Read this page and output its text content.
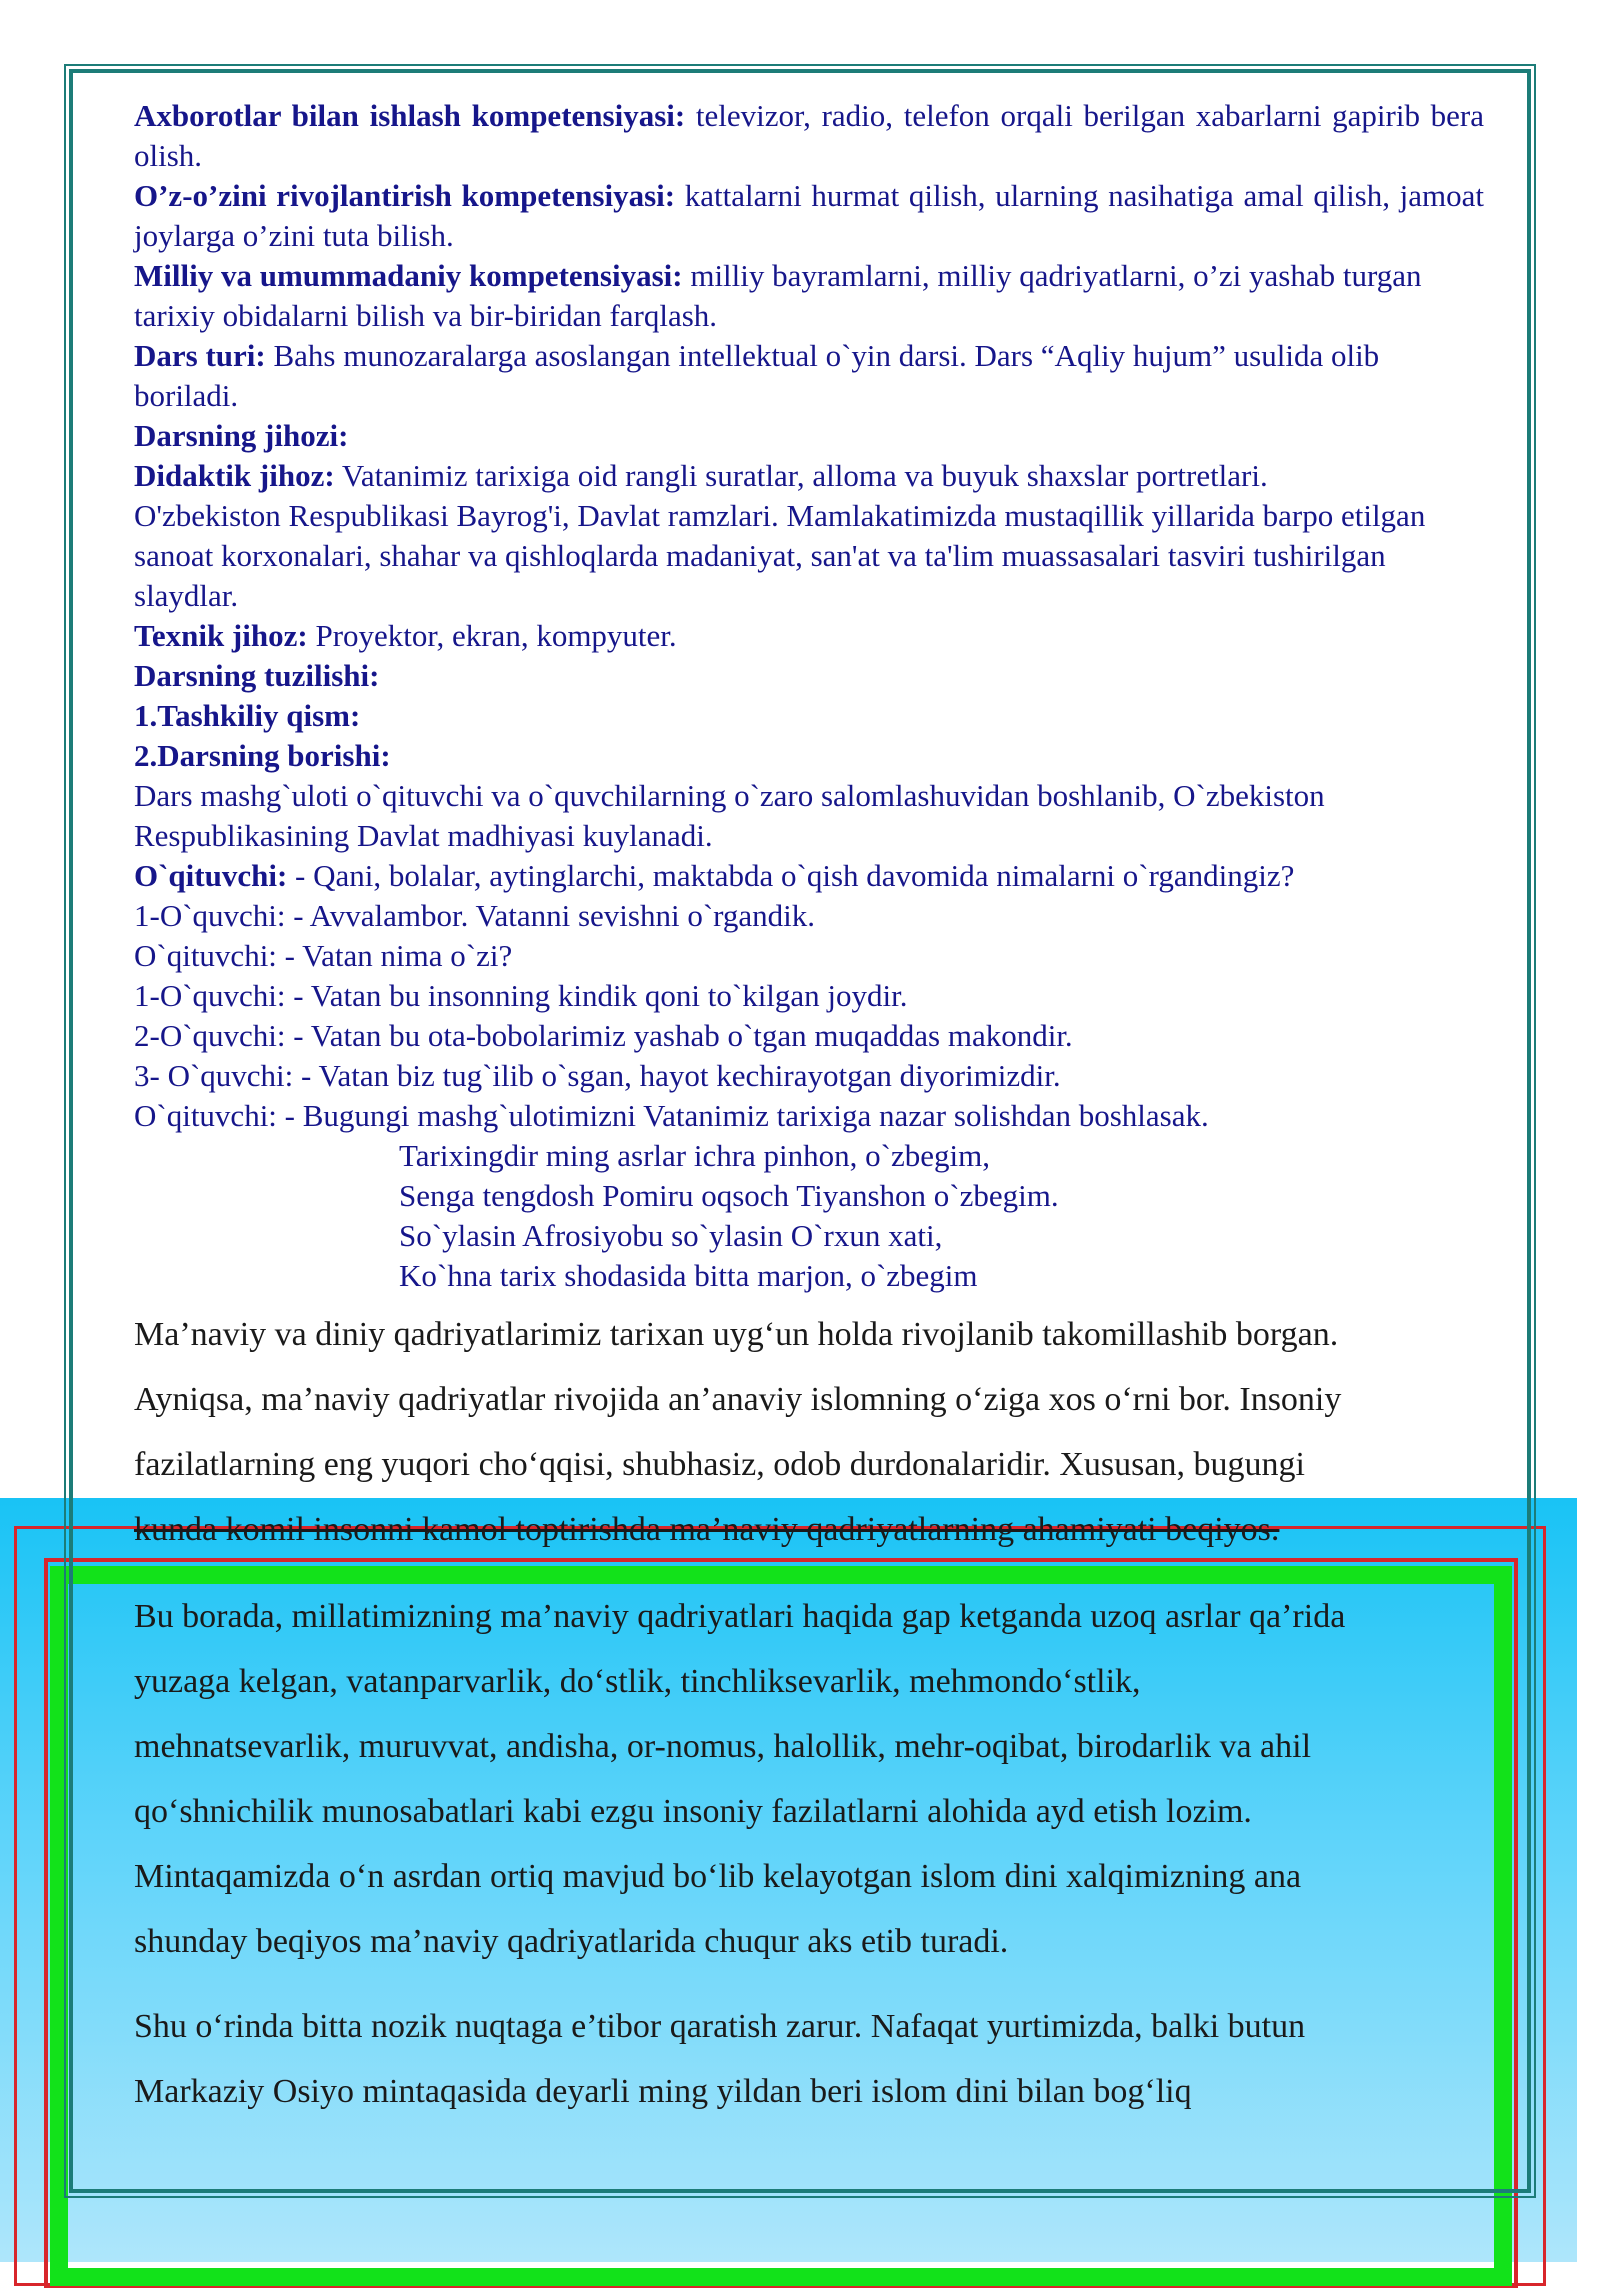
Axborotlar bilan ishlash kompetensiyasi: televizor, radio, telefon orqali berilgan xabarlarni gapirib bera olish.

O’z-o’zini rivojlantirish kompetensiyasi: kattalarni hurmat qilish, ularning nasihatiga amal qilish, jamoat joylarga o’zini tuta bilish.

Milliy va umummadaniy kompetensiyasi: milliy bayramlarni, milliy qadriyatlarni, o’zi yashab turgan tarixiy obidalarni bilish va bir-biridan farqlash.

Dars turi: Bahs munozaralarga asoslangan intellektual o`yin darsi. Dars “Aqliy hujum” usulida olib boriladi.

Darsning jihozi:

Didaktik jihoz: Vatanimiz tarixiga oid rangli suratlar, alloma va buyuk shaxslar portretlari.

O'zbekiston Respublikasi Bayrog'i, Davlat ramzlari. Mamlakatimizda mustaqillik yillarida barpo etilgan sanoat korxonalari, shahar va qishloqlarda madaniyat, san'at va ta'lim muassasalari tasviri tushirilgan slaydlar.

Texnik jihoz: Proyektor, ekran, kompyuter.

Darsning tuzilishi:

1.Tashkiliy qism:

2.Darsning borishi:

Dars mashg`uloti o`qituvchi va o`quvchilarning o`zaro salomlashuvidan boshlanib, O`zbekiston Respublikasining Davlat madhiyasi kuylanadi.

O`qituvchi: - Qani, bolalar, aytinglarchi, maktabda o`qish davomida nimalarni o`rgandingiz?

1-O`quvchi: - Avvalambor. Vatanni sevishni o`rgandik.

O`qituvchi: - Vatan nima o`zi?

1-O`quvchi: - Vatan bu insonning kindik qoni to`kilgan joydir.

2-O`quvchi: - Vatan bu ota-bobolarimiz yashab o`tgan muqaddas makondir.

3- O`quvchi: - Vatan biz tug`ilib o`sgan, hayot kechirayotgan diyorimizdir.

O`qituvchi: - Bugungi mashg`ulotimizni Vatanimiz tarixiga nazar solishdan boshlasak.

Tarixingdir ming asrlar ichra pinhon, o`zbegim,

Senga tengdosh Pomiru oqsoch Tiyanshon o`zbegim.

So`ylasin Afrosiyobu so`ylasin O`rxun xati,

Ko`hna tarix shodasida bitta marjon, o`zbegim

Ma’naviy va diniy qadriyatlarimiz tarixan uyg‘un holda rivojlanib takomillashib borgan.

Ayniqsa, ma’naviy qadriyatlar rivojida an’anaviy islomning o‘ziga xos o‘rni bor. Insoniy

fazilatlarning eng yuqori cho‘qqisi, shubhasiz, odob durdonalaridir. Xususan, bugungi

kunda komil insonni kamol toptirishda ma’naviy qadriyatlarning ahamiyati beqiyos.

Bu borada, millatimizning ma’naviy qadriyatlari haqida gap ketganda uzoq asrlar qa’rida

yuzaga kelgan, vatanparvarlik, do‘stlik, tinchliksevarlik, mehmondo‘stlik,

mehnatsevarlik, muruvvat, andisha, or-nomus, halollik, mehr-oqibat, birodarlik va ahil

qo‘shnichilik munosabatlari kabi ezgu insoniy fazilatlarni alohida ayd etish lozim.

Mintaqamizda o‘n asrdan ortiq mavjud bo‘lib kelayotgan islom dini xalqimizning ana

shunday beqiyos ma’naviy qadriyatlarida chuqur aks etib turadi.

Shu o‘rinda bitta nozik nuqtaga e’tibor qaratish zarur. Nafaqat yurtimizda, balki butun

Markaziy Osiyo mintaqasida deyarli ming yildan beri islom dini bilan bog‘liq
